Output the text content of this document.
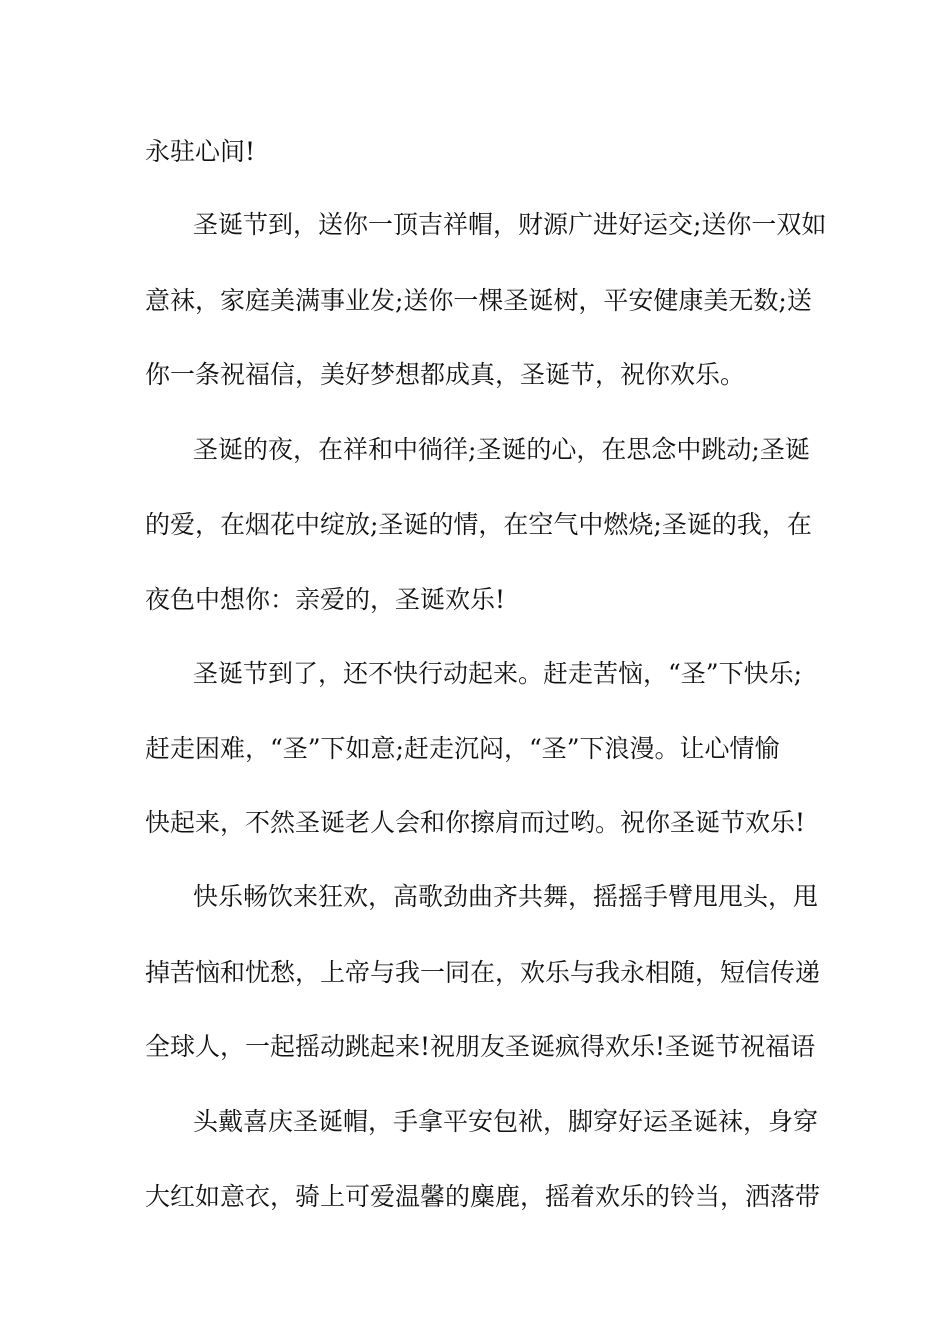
永驻心间!
圣诞节到，送你一顶吉祥帽，财源广进好运交;送你一双如
意袜，家庭美满事业发;送你一棵圣诞树，平安健康美无数;送
你一条祝福信，美好梦想都成真，圣诞节，祝你欢乐。
圣诞的夜，在祥和中徜徉;圣诞的心，在思念中跳动;圣诞
的爱，在烟花中绽放;圣诞的情，在空气中燃烧;圣诞的我，在
夜色中想你：亲爱的，圣诞欢乐!
圣诞节到了，还不快行动起来。赶走苦恼，“圣”下快乐;
赶走困难，“圣”下如意;赶走沉闷，“圣”下浪漫。让心情愉
快起来，不然圣诞老人会和你擦肩而过哟。祝你圣诞节欢乐!
快乐畅饮来狂欢，高歌劲曲齐共舞，摇摇手臂甩甩头，甩
掉苦恼和忧愁，上帝与我一同在，欢乐与我永相随，短信传递
全球人，一起摇动跳起来!祝朋友圣诞疯得欢乐!圣诞节祝福语
头戴喜庆圣诞帽，手拿平安包袱，脚穿好运圣诞袜，身穿
大红如意衣，骑上可爱温馨的麋鹿，摇着欢乐的铃当，洒落带
